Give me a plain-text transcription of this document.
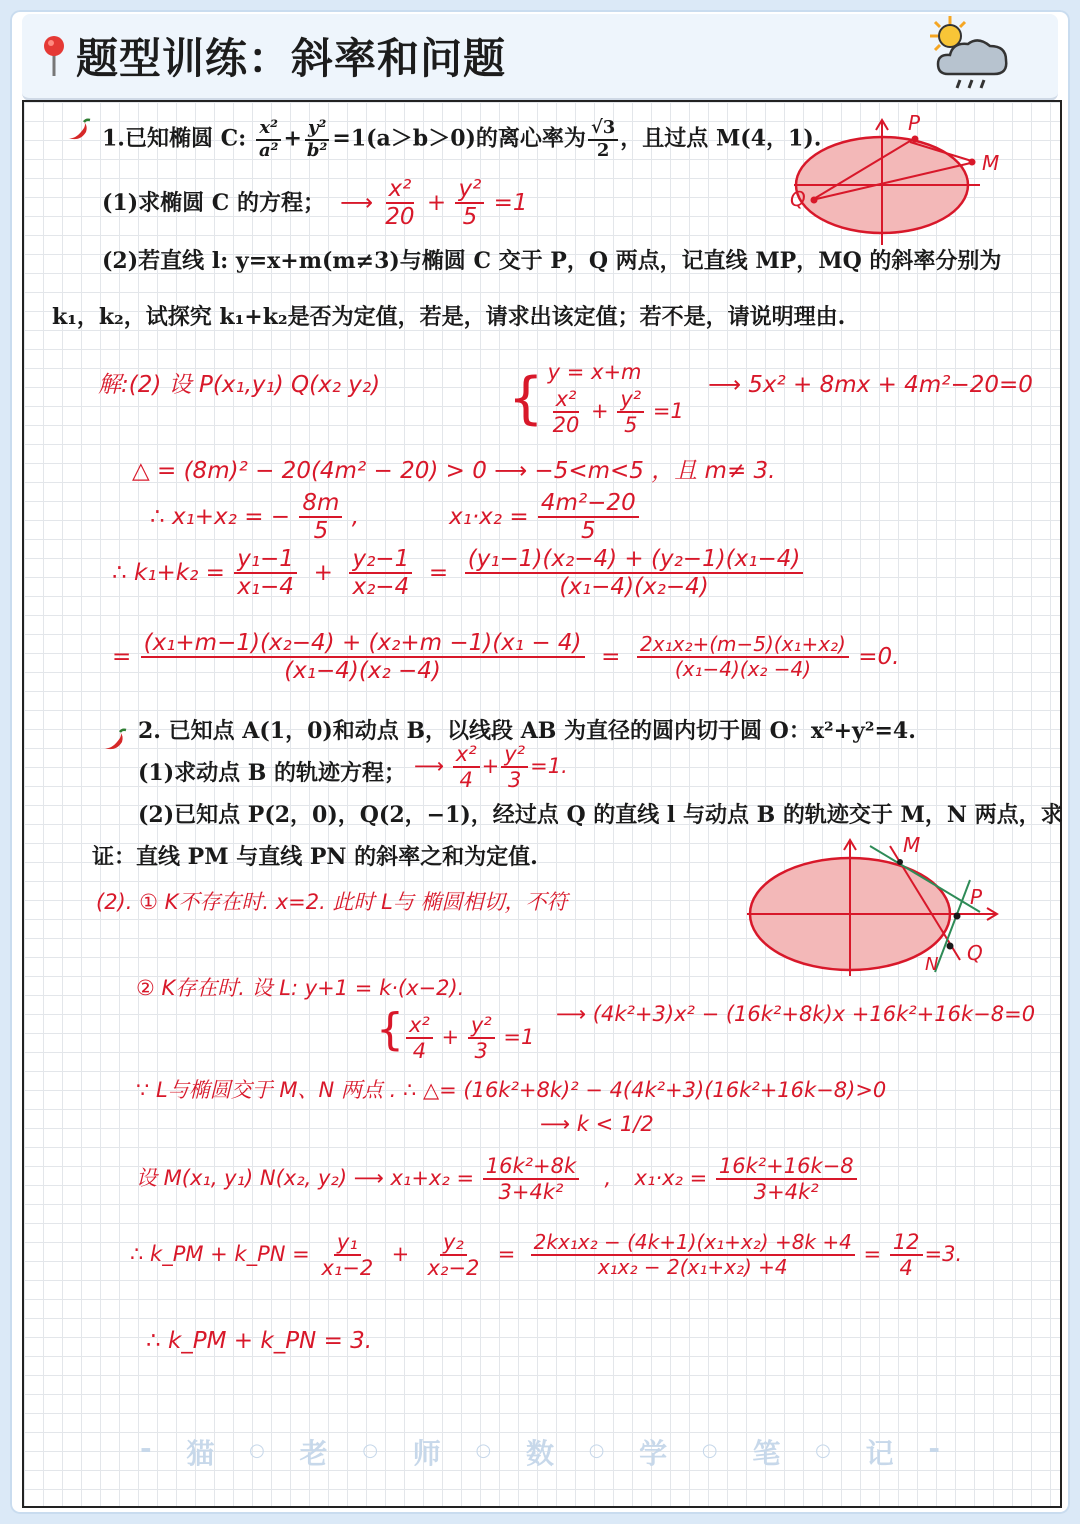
题型训练：斜率和问题
1.已知椭圆 C: $\frac{\text{x²}}{\text{a²}} + \frac{\text{y²}}{\text{b²}} =1(a>b>0)$的离心率为 $\frac{√3}{2}$ ，且过点 M(4，1).
(1)求椭圆 C 的方程； ⟶ $\frac{\text{x²}}{20} + \frac{\text{y²}}{5} =1$
(2)若直线 l: y=x+m(m≠3)与椭圆 C 交于 P，Q 两点，记直线 MP，MQ 的斜率分别为
k₁，k₂，试探究 k₁+k₂是否为定值，若是，请求出该定值；若不是，请说明理由.
P
M
Q
解:(2) 设 P(x₁,y₁) Q(x₂ y₂) { y = x+m
$\frac{\text{x²}}{20} + \frac{\text{y²}}{5} =1$
⟶ 5x² + 8mx + 4m²−20=0
△ = (8m)² − 20(4m² − 20) > 0 ⟶ −5<m<5 ，且 m≠ 3.
∴ x₁+x₂ = − $\frac{8m}{5}$ ,	$x_1\cdot x_2 = \frac{\text{4m²−20}}{5}$
∴ $k_1+k_2 = \frac{\text{y₁−1}}{\text{x₁−4}} + \frac{\text{y₂−1}}{\text{x₂−4}} = \frac{\text{(y₁−1)(x₂−4) + (y₂−1)(x₁−4)}}{\text{(x₁−4)(x₂−4)}}$
= $\frac{\text{(x₁+m−1)(x₂−4) + (x₂+m −1)(x₁ − 4)}}{\text{(x₁−4)(x₂ −4)}} = \frac{\text{2x₁x₂+(m−5)(x₁+x₂)}}{\text{(x₁−4)(x₂ −4)}} =0$.
2. 已知点 A(1，0)和动点 B，以线段 AB 为直径的圆内切于圆 O：x²+y²=4.
(1)求动点 B 的轨迹方程； ⟶ $\frac{\text{x²}}{4} + \frac{\text{y²}}{3} =1$.
(2)已知点 P(2，0)，Q(2，−1)，经过点 Q 的直线 l 与动点 B 的轨迹交于 M，N 两点，求
证：直线 PM 与直线 PN 的斜率之和为定值.	M
P
N Q
(2). ① K不存在时. x=2. 此时 L与 椭圆相切，不符
② K存在时. 设 L: y+1 = k·(x−2).
{ $\frac{\text{x²}}{4} + \frac{\text{y²}}{3} =1$
⟶ (4k²+3)x² − (16k²+8k)x +16k²+16k−8=0
∵ L与椭圆交于 M、N 两点 . ∴ △= (16k²+8k)² − 4(4k²+3)(16k²+16k−8)>0
⟶ k < 1/2
设 M(x₁, y₁) N(x₂, y₂) ⟶ $x_1+x_2 = \frac{\text{16k²+8k}}{\text{3+4k²}}$ , $x_1\cdot x_2 = \frac{\text{16k²+16k−8}}{\text{3+4k²}}$
∴ k_PM + k_PN = $\frac{\text{y₁}}{\text{x₁−2}} + \frac{\text{y₂}}{\text{x₂−2}} = \frac{\text{2kx₁x₂ − (4k+1)(x₁+x₂) +8k +4}}{\text{x₁x₂ − 2(x₁+x₂) +4}} = \frac{12}{4} =3$.
∴ k_PM + k_PN = 3.
- 猫 ○ 老 ○ 师 ○ 数 ○ 学 ○ 笔 ○ 记 -
